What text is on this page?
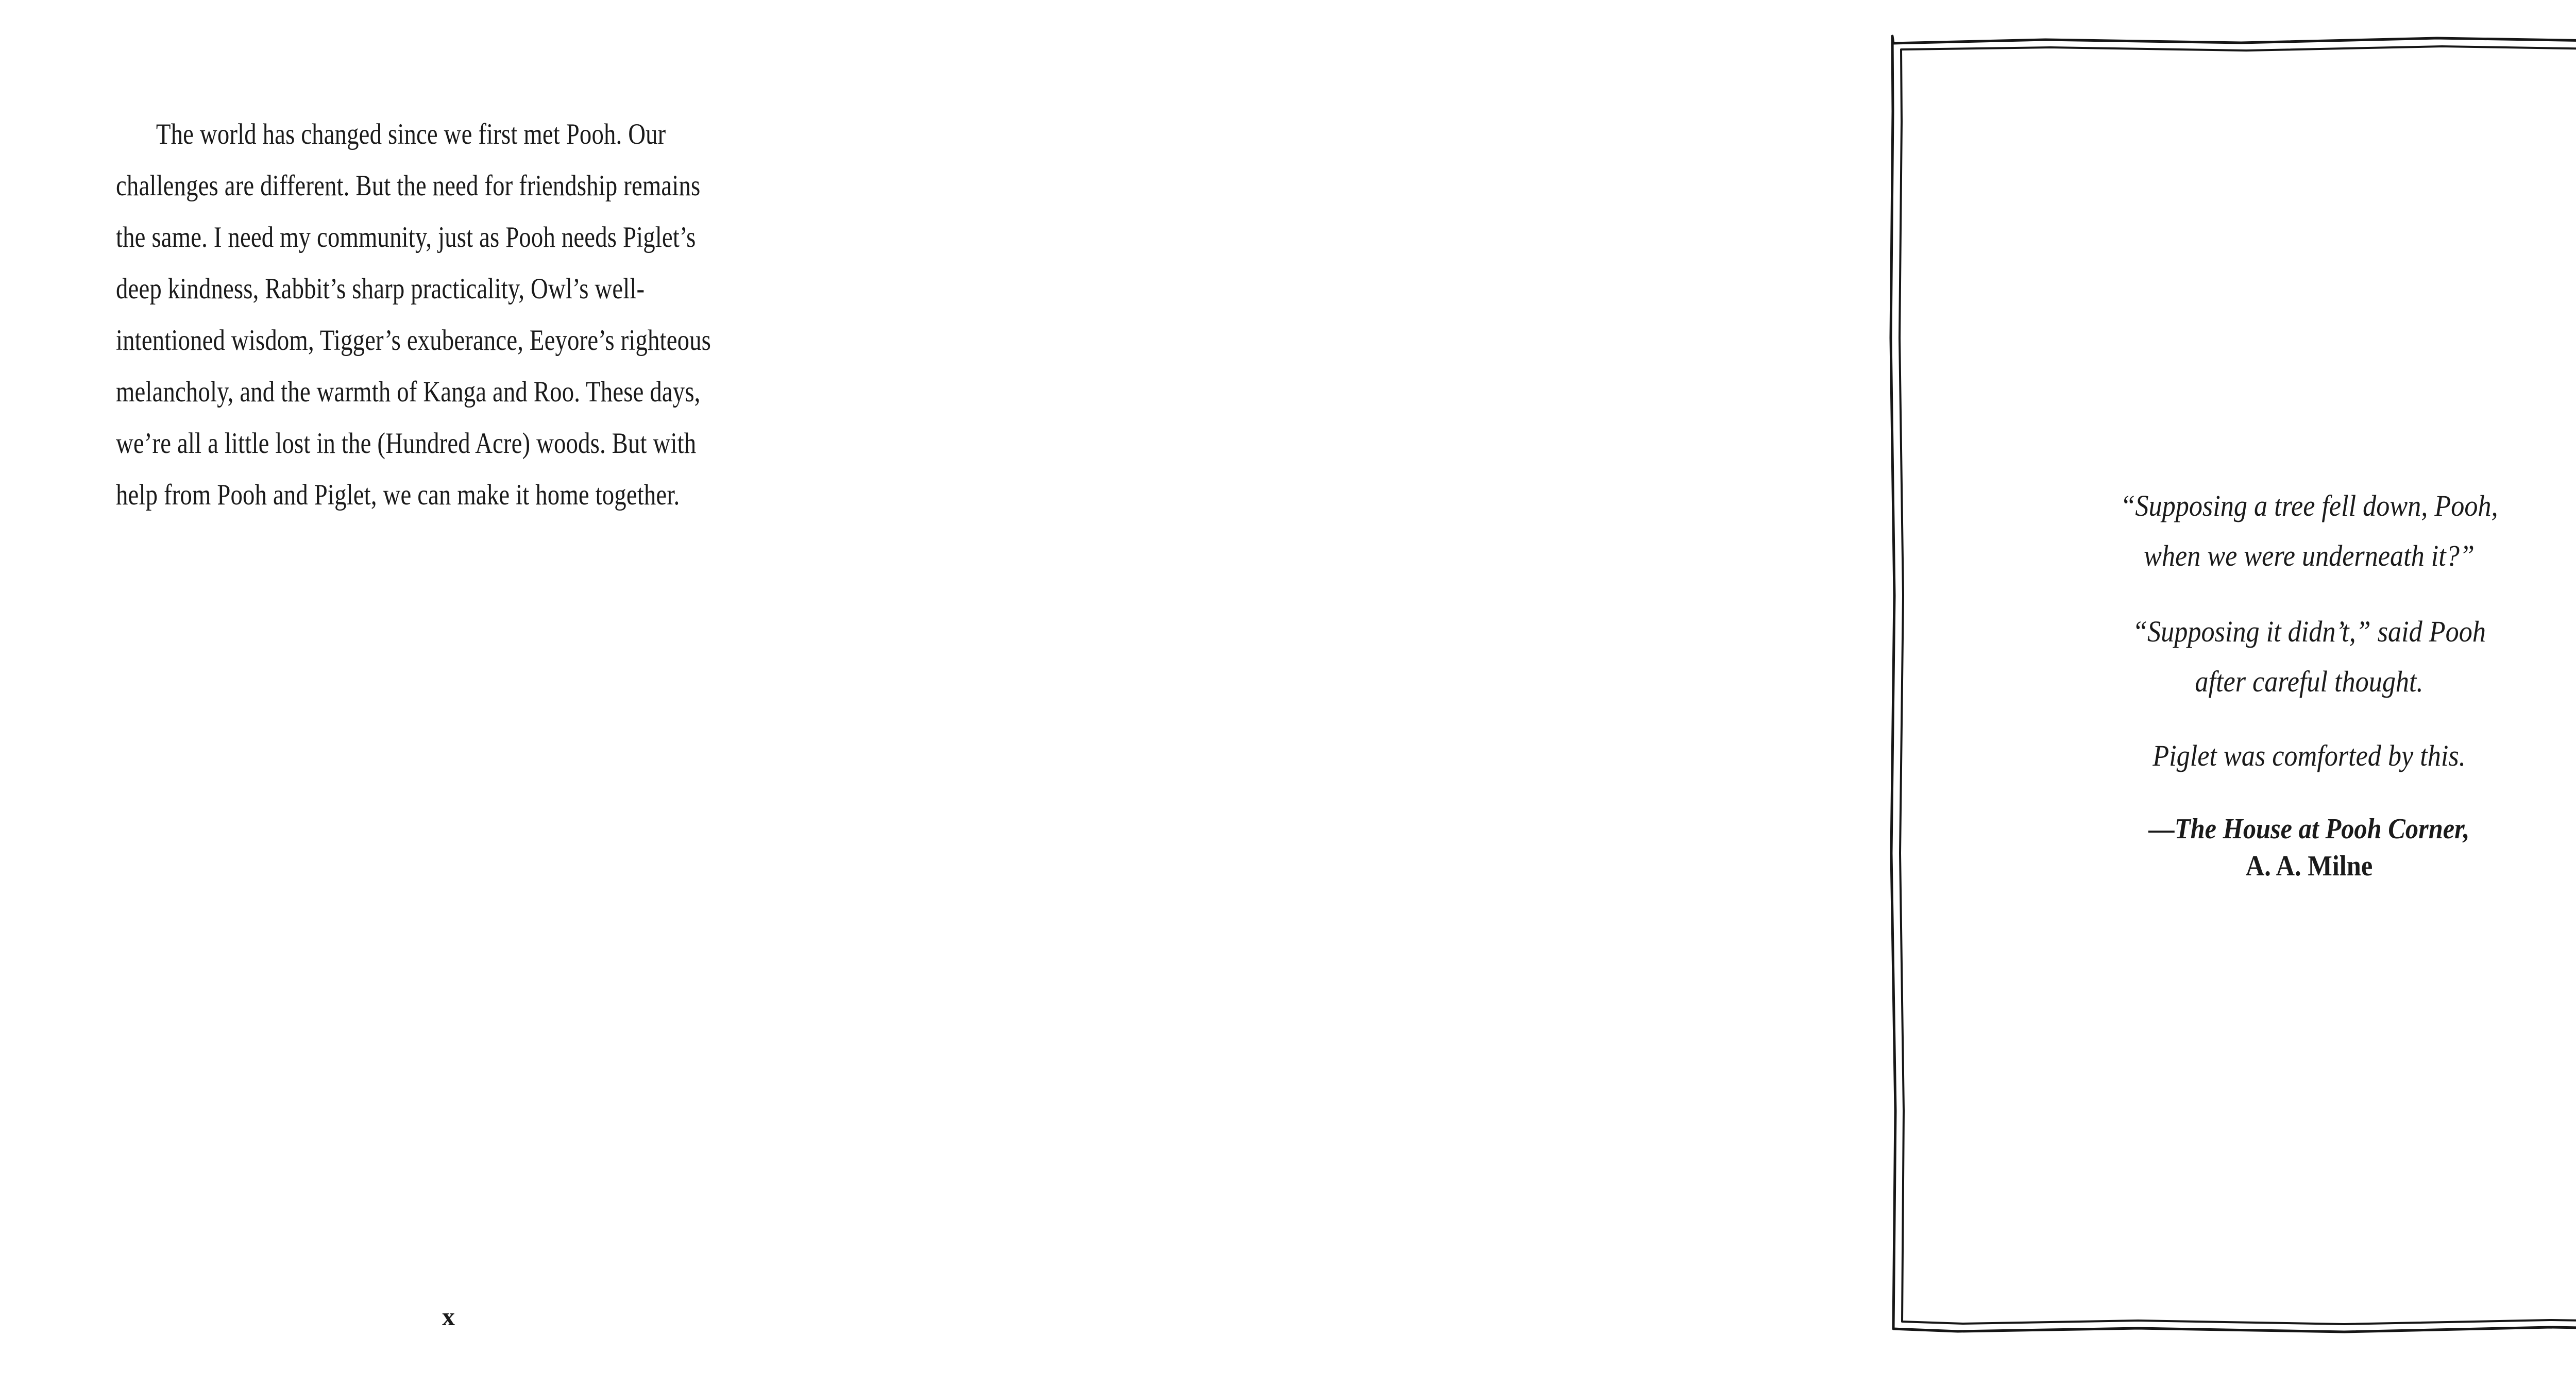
The world has changed since we first met Pooh. Our
challenges are different. But the need for friendship remains
the same. I need my community, just as Pooh needs Piglet’s
deep kindness, Rabbit’s sharp practicality, Owl’s well-
intentioned wisdom, Tigger’s exuberance, Eeyore’s righteous
melancholy, and the warmth of Kanga and Roo. These days,
we’re all a little lost in the (Hundred Acre) woods. But with
help from Pooh and Piglet, we can make it home together.
x
“Supposing a tree fell down, Pooh,
when we were underneath it?”
“Supposing it didn’t,” said Pooh
after careful thought.
Piglet was comforted by this.
—The House at Pooh Corner,
A. A. Milne
